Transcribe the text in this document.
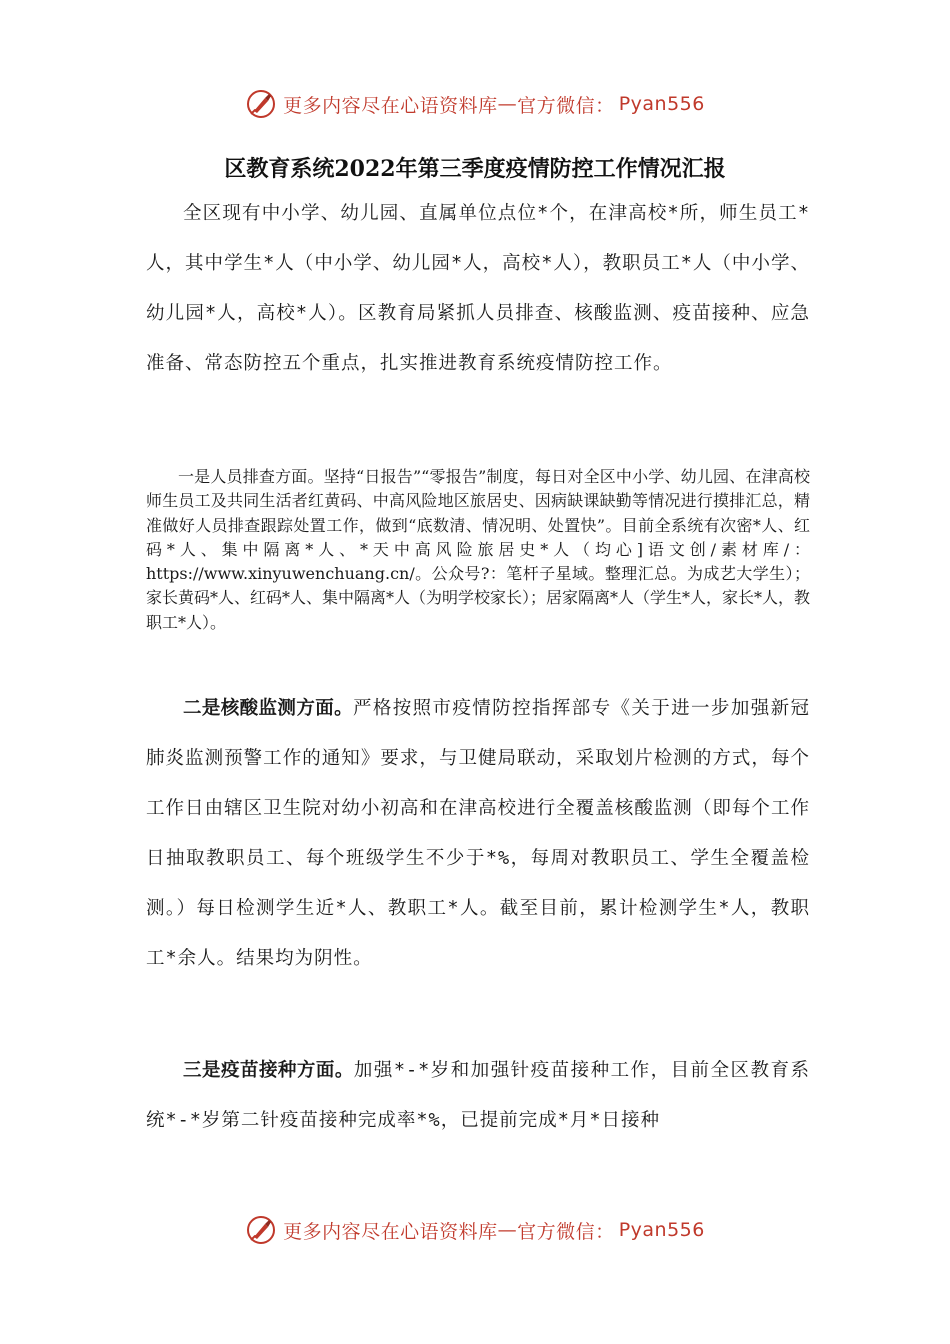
更多内容尽在心语资料库 — 官方微信： Pyan556
区教育系统2022年第三季度疫情防控工作情况汇报

全区现有中小学、幼儿园、直属单位点位*个，在津高校*所，师生员工*人，其中学生*人（中小学、幼儿园*人，高校*人），教职员工*人（中小学、幼儿园*人，高校*人）。区教育局紧抓人员排查、核酸监测、疫苗接种、应急准备、常态防控五个重点，扎实推进教育系统疫情防控工作。

一是人员排查方面。坚持“日报告”“零报告”制度，每日对全区中小学、幼儿园、在津高校师生员工及共同生活者红黄码、中高风险地区旅居史、因病缺课缺勤等情况进行摸排汇总，精准做好人员排查跟踪处置工作，做到“底数清、情况明、处置快”。目前全系统有次密*人、红码*人、集中隔离*人、*天中高风险旅居史*人（均心]语文创/素材库/：https://www.xinyuwenchuang.cn/。公众号?：笔杆子星域。整理汇总。为成艺大学生）；家长黄码*人、红码*人、集中隔离*人（为明学校家长）；居家隔离*人（学生*人，家长*人，教职工*人）。

二是核酸监测方面。严格按照市疫情防控指挥部专《关于进一步加强新冠肺炎监测预警工作的通知》要求，与卫健局联动，采取划片检测的方式，每个工作日由辖区卫生院对幼小初高和在津高校进行全覆盖核酸监测（即每个工作日抽取教职员工、每个班级学生不少于*%，每周对教职员工、学生全覆盖检测。）每日检测学生近*人、教职工*人。截至目前，累计检测学生*人，教职工*余人。结果均为阴性。

三是疫苗接种方面。加强*-*岁和加强针疫苗接种工作，目前全区教育系统*-*岁第二针疫苗接种完成率*%，已提前完成*月*日接种

更多内容尽在心语资料库 — 官方微信： Pyan556
